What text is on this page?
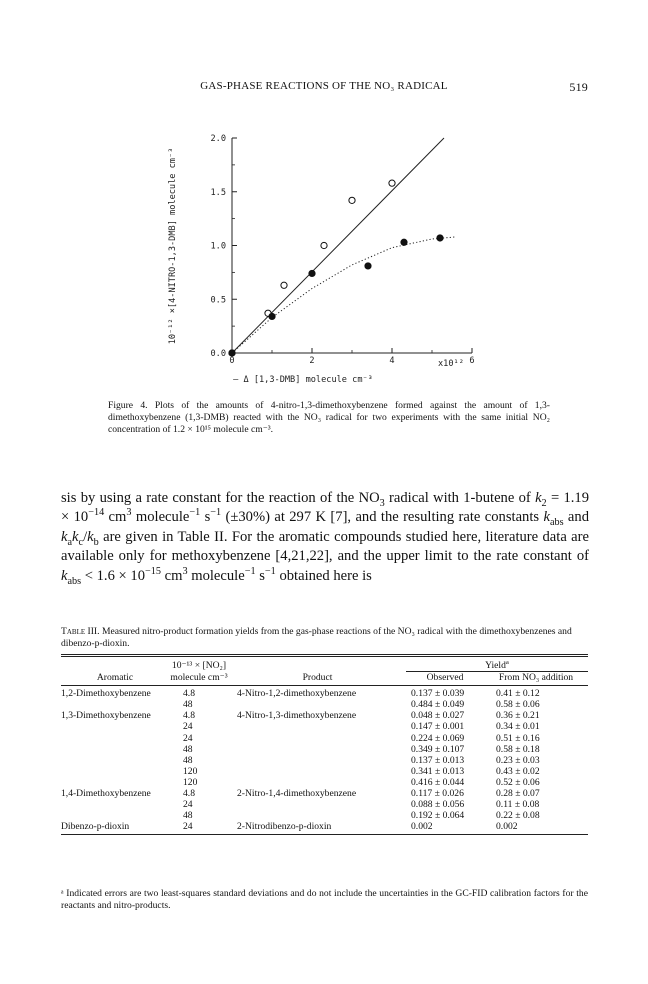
GAS-PHASE REACTIONS OF THE NO₃ RADICAL	519
0	2	4	6
0.0
0.5
1.0
1.5
2.0
10⁻¹² ×[4-NITRO-1,3-DMB] molecule cm⁻³
– Δ [1,3-DMB] molecule cm⁻³
x10¹²
Figure 4. Plots of the amounts of 4-nitro-1,3-dimethoxybenzene formed against the amount of 1,3-dimethoxybenzene (1,3-DMB) reacted with the NO₃ radical for two experiments with the same initial NO₂ concentration of 1.2 × 10¹⁵ molecule cm⁻³.

sis by using a rate constant for the reaction of the $NO_3$ radical with 1-butene of $k_2 = 1.19 \times 10^{-14}$ $cm^3$ molecule$^{-1}$ $s^{-1}$ (±30%) at 297 K [7], and the resulting rate constants $k_{abs}$ and $k_ak_c/k_b$ are given in Table II. For the aromatic compounds studied here, literature data are available only for methoxybenzene [4,21,22], and the upper limit to the rate constant of $k_{abs} < 1.6 \times 10^{-15}$ $cm^3$ molecule$^{-1}$ $s^{-1}$ obtained here is

Table III. Measured nitro-product formation yields from the gas-phase reactions of the NO₃ radical with the dimethoxybenzenes and dibenzo-p-dioxin.
	10⁻¹³ × [NO₂]		Yield$^a$
Aromatic	molecule cm⁻³	Product	Observed	From NO₃ addition
1,2-Dimethoxybenzene	4.8	4-Nitro-1,2-dimethoxybenzene	0.137 ± 0.039	0.41 ± 0.12
	48		0.484 ± 0.049	0.58 ± 0.06
1,3-Dimethoxybenzene	4.8	4-Nitro-1,3-dimethoxybenzene	0.048 ± 0.027	0.36 ± 0.21
	24		0.147 ± 0.001	0.34 ± 0.01
	24		0.224 ± 0.069	0.51 ± 0.16
	48		0.349 ± 0.107	0.58 ± 0.18
	48		0.137 ± 0.013	0.23 ± 0.03
	120		0.341 ± 0.013	0.43 ± 0.02
	120		0.416 ± 0.044	0.52 ± 0.06
1,4-Dimethoxybenzene	4.8	2-Nitro-1,4-dimethoxybenzene	0.117 ± 0.026	0.28 ± 0.07
	24		0.088 ± 0.056	0.11 ± 0.08
	48		0.192 ± 0.064	0.22 ± 0.08
Dibenzo-p-dioxin	24	2-Nitrodibenzo-p-dioxin	0.002	0.002
ᵃ Indicated errors are two least-squares standard deviations and do not include the uncertainties in the GC-FID calibration factors for the reactants and nitro-products.
